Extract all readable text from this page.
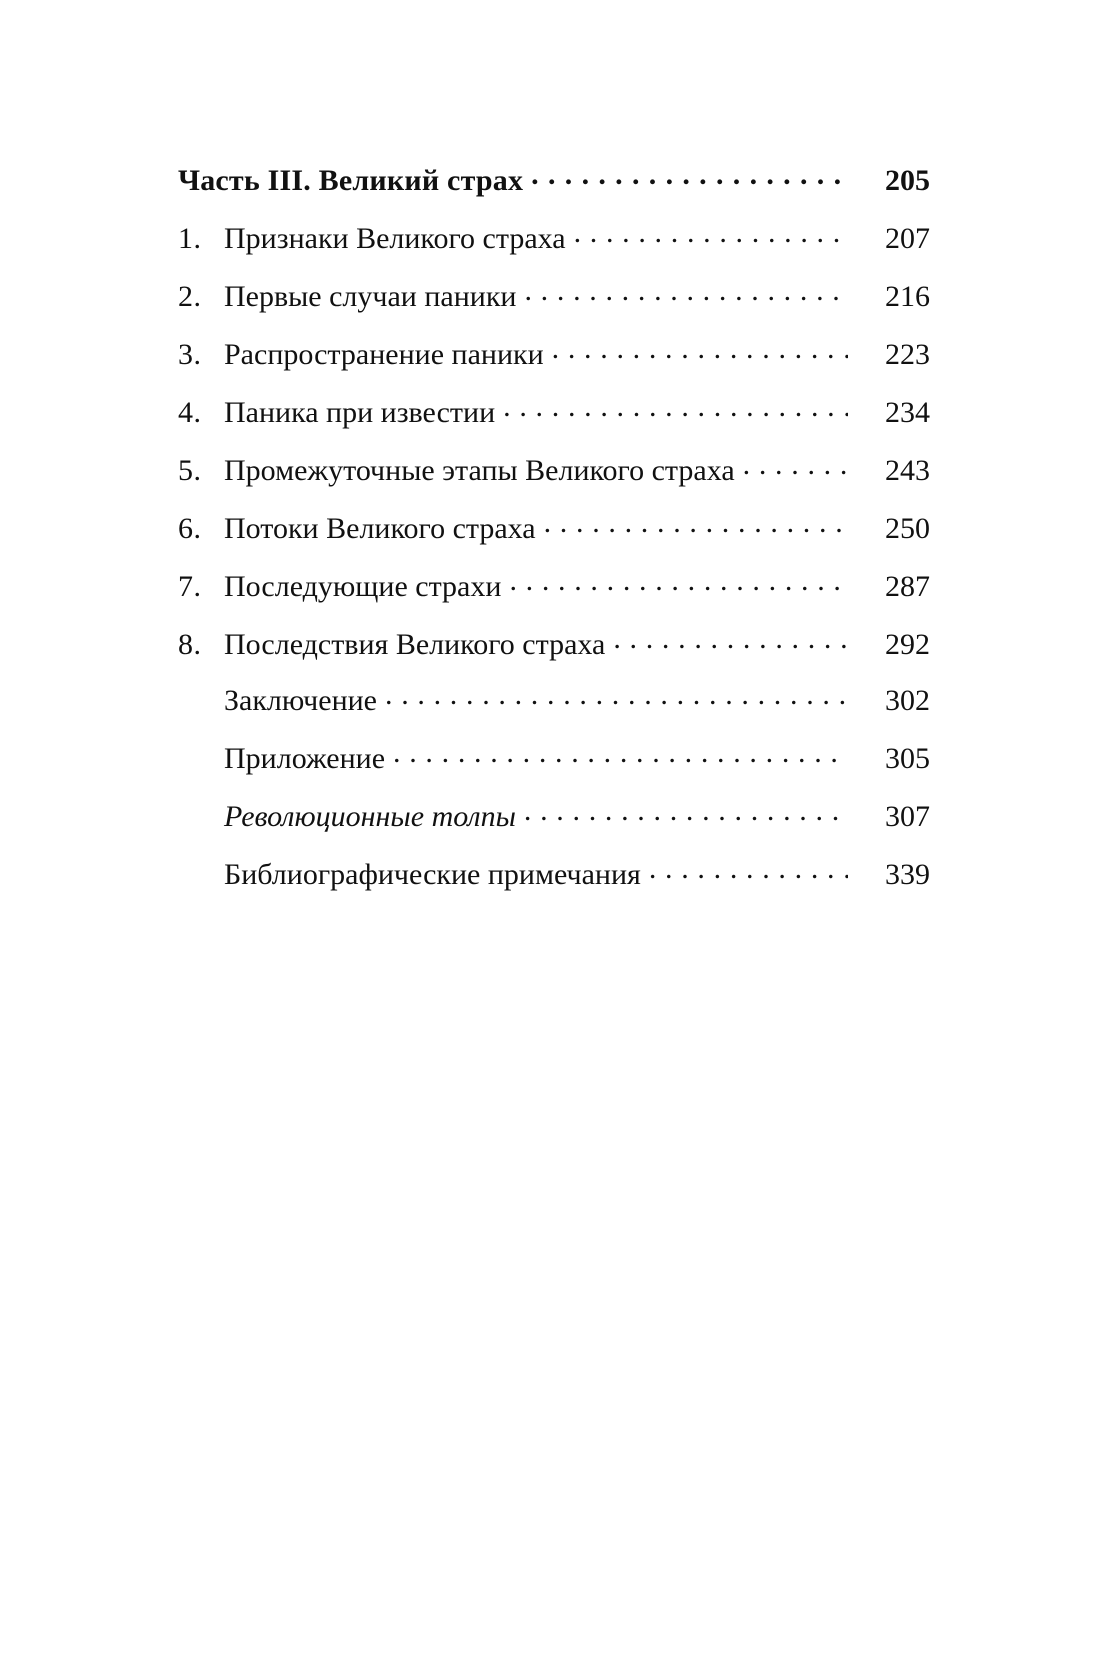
Часть III. Великий страх . . .	205
1. Признаки Великого страха . . .	207
2. Первые случаи паники . . .	216
3. Распространение паники . . .	223
4. Паника при известии . . .	234
5. Промежуточные этапы Великого страха . . .	243
6. Потоки Великого страха . . .	250
7. Последующие страхи . . .	287
8. Последствия Великого страха . . .	292
Заключение . . .	302
Приложение . . .	305
Революционные толпы . . .	307
Библиографические примечания . . .	339
